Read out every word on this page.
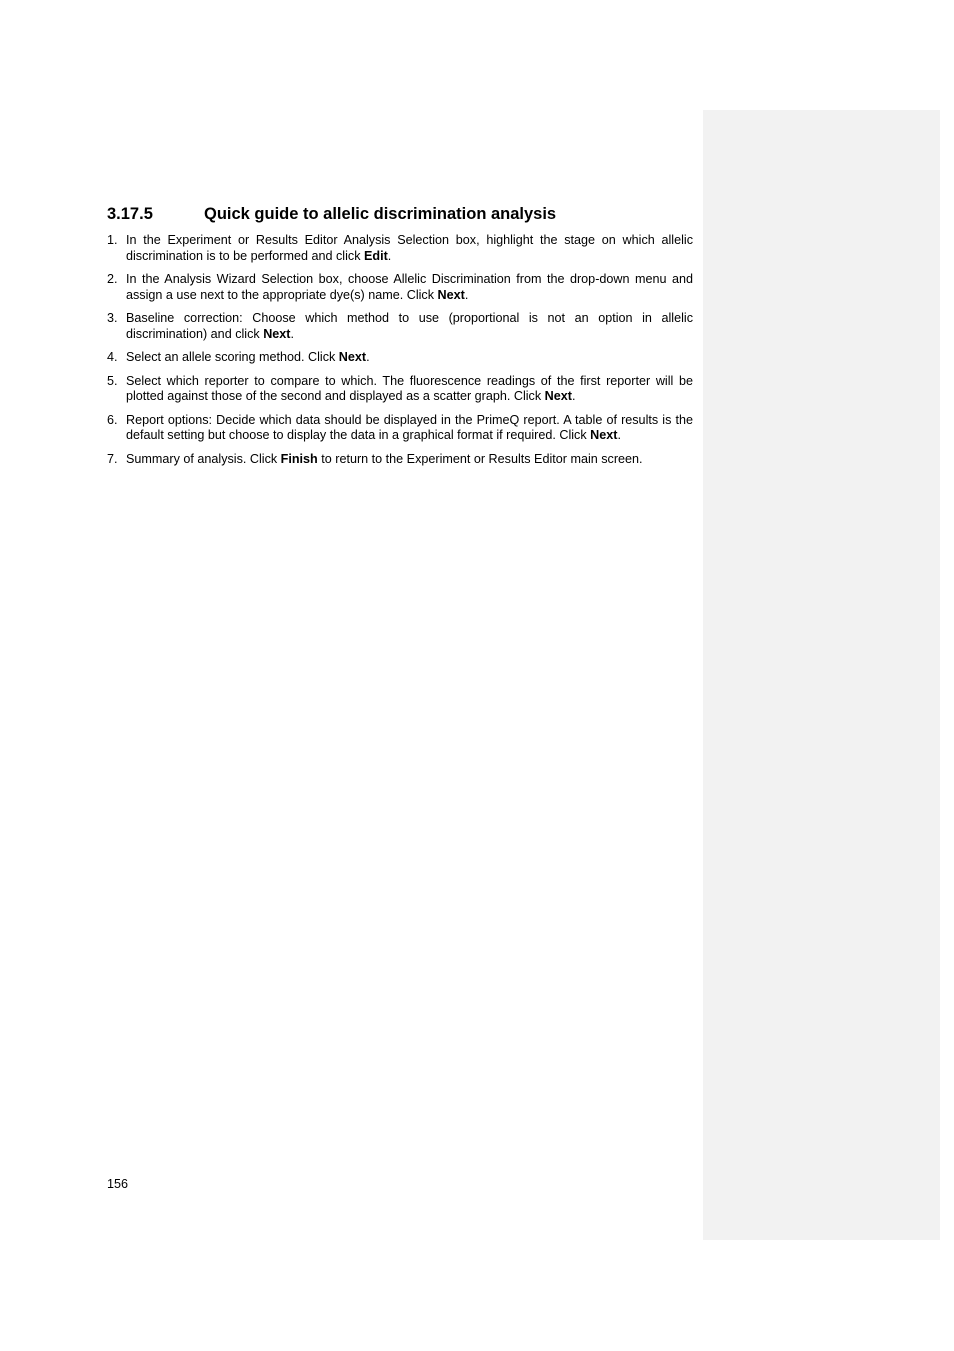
3.17.5	Quick guide to allelic discrimination analysis
1. In the Experiment or Results Editor Analysis Selection box, highlight the stage on which allelic discrimination is to be performed and click Edit.
2. In the Analysis Wizard Selection box, choose Allelic Discrimination from the drop-down menu and assign a use next to the appropriate dye(s) name. Click Next.
3. Baseline correction: Choose which method to use (proportional is not an option in allelic discrimination) and click Next.
4. Select an allele scoring method. Click Next.
5. Select which reporter to compare to which. The fluorescence readings of the first reporter will be plotted against those of the second and displayed as a scatter graph. Click Next.
6. Report options: Decide which data should be displayed in the PrimeQ report. A table of results is the default setting but choose to display the data in a graphical format if required. Click Next.
7. Summary of analysis. Click Finish to return to the Experiment or Results Editor main screen.
156
